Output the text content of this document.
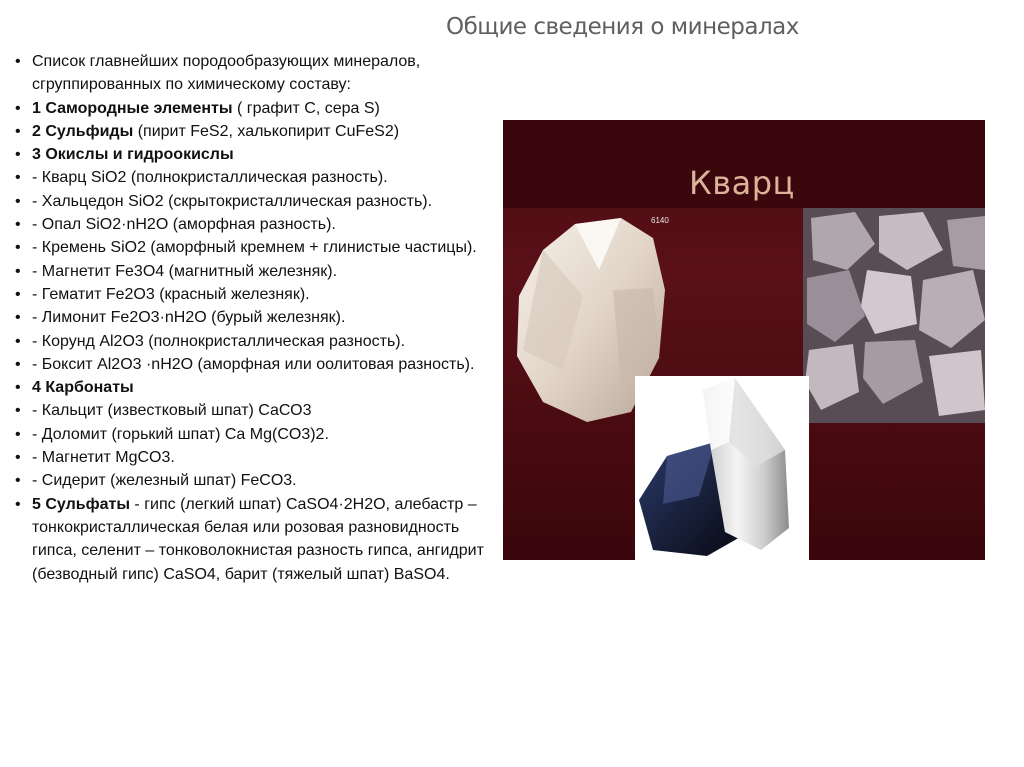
Общие сведения о минералах
• Список главнейших породообразующих минералов, сгруппированных по химическому составу:
• 1 Самородные элементы ( графит С, сера S)
• 2 Сульфиды (пирит FeS2, халькопирит CuFeS2)
• 3 Окислы и гидроокислы
• - Кварц SiO2 (полнокристаллическая разность).
• - Хальцедон SiO2 (скрытокристаллическая разность).
• - Опал SiO2·nH2O (аморфная разность).
• - Кремень SiO2 (аморфный кремнем + глинистые частицы).
• - Магнетит Fe3O4 (магнитный железняк).
• - Гематит Fe2O3 (красный железняк).
• - Лимонит Fe2O3·nH2O (бурый железняк).
• - Корунд Al2O3 (полнокристаллическая разность).
• - Боксит Al2O3 ·nH2O (аморфная или оолитовая разность).
• 4 Карбонаты
• - Кальцит (известковый шпат) СаСО3
• - Доломит (горький шпат) Ca Mg(CO3)2.
• - Магнетит MgCO3.
• - Сидерит (железный шпат) FeCO3.
• 5 Сульфаты - гипс (легкий шпат) CaSO4·2H2O, алебастр – тонкокристаллическая белая или розовая разновидность гипса, селенит – тонковолокнистая разность гипса, ангидрит (безводный гипс) CaSO4, барит (тяжелый шпат) BaSO4.
Кварц
6140
